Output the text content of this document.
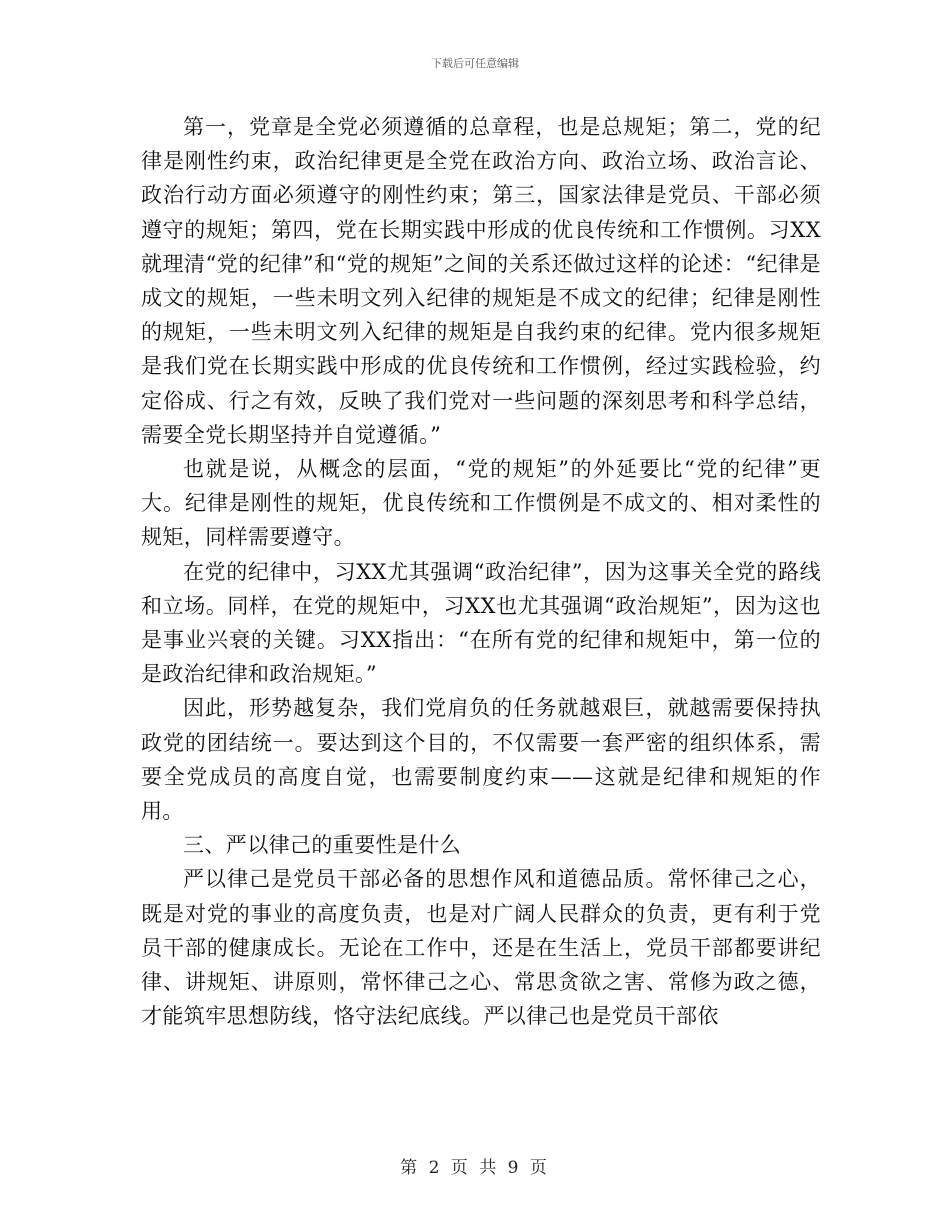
下载后可任意编辑

第一，党章是全党必须遵循的总章程，也是总规矩；第二，党的纪律是刚性约束，政治纪律更是全党在政治方向、政治立场、政治言论、政治行动方面必须遵守的刚性约束；第三，国家法律是党员、干部必须遵守的规矩；第四，党在长期实践中形成的优良传统和工作惯例。习XX就理清“党的纪律”和“党的规矩”之间的关系还做过这样的论述：“纪律是成文的规矩，一些未明文列入纪律的规矩是不成文的纪律；纪律是刚性的规矩，一些未明文列入纪律的规矩是自我约束的纪律。党内很多规矩是我们党在长期实践中形成的优良传统和工作惯例，经过实践检验，约定俗成、行之有效，反映了我们党对一些问题的深刻思考和科学总结，需要全党长期坚持并自觉遵循。”

也就是说，从概念的层面，“党的规矩”的外延要比“党的纪律”更大。纪律是刚性的规矩，优良传统和工作惯例是不成文的、相对柔性的规矩，同样需要遵守。

在党的纪律中，习XX尤其强调“政治纪律”，因为这事关全党的路线和立场。同样，在党的规矩中，习XX也尤其强调“政治规矩”，因为这也是事业兴衰的关键。习XX指出：“在所有党的纪律和规矩中，第一位的是政治纪律和政治规矩。”

因此，形势越复杂，我们党肩负的任务就越艰巨，就越需要保持执政党的团结统一。要达到这个目的，不仅需要一套严密的组织体系，需要全党成员的高度自觉，也需要制度约束——这就是纪律和规矩的作用。

三、严以律己的重要性是什么

严以律己是党员干部必备的思想作风和道德品质。常怀律己之心，既是对党的事业的高度负责，也是对广阔人民群众的负责，更有利于党员干部的健康成长。无论在工作中，还是在生活上，党员干部都要讲纪律、讲规矩、讲原则，常怀律己之心、常思贪欲之害、常修为政之德，才能筑牢思想防线，恪守法纪底线。严以律己也是党员干部依

第 2 页 共 9 页
